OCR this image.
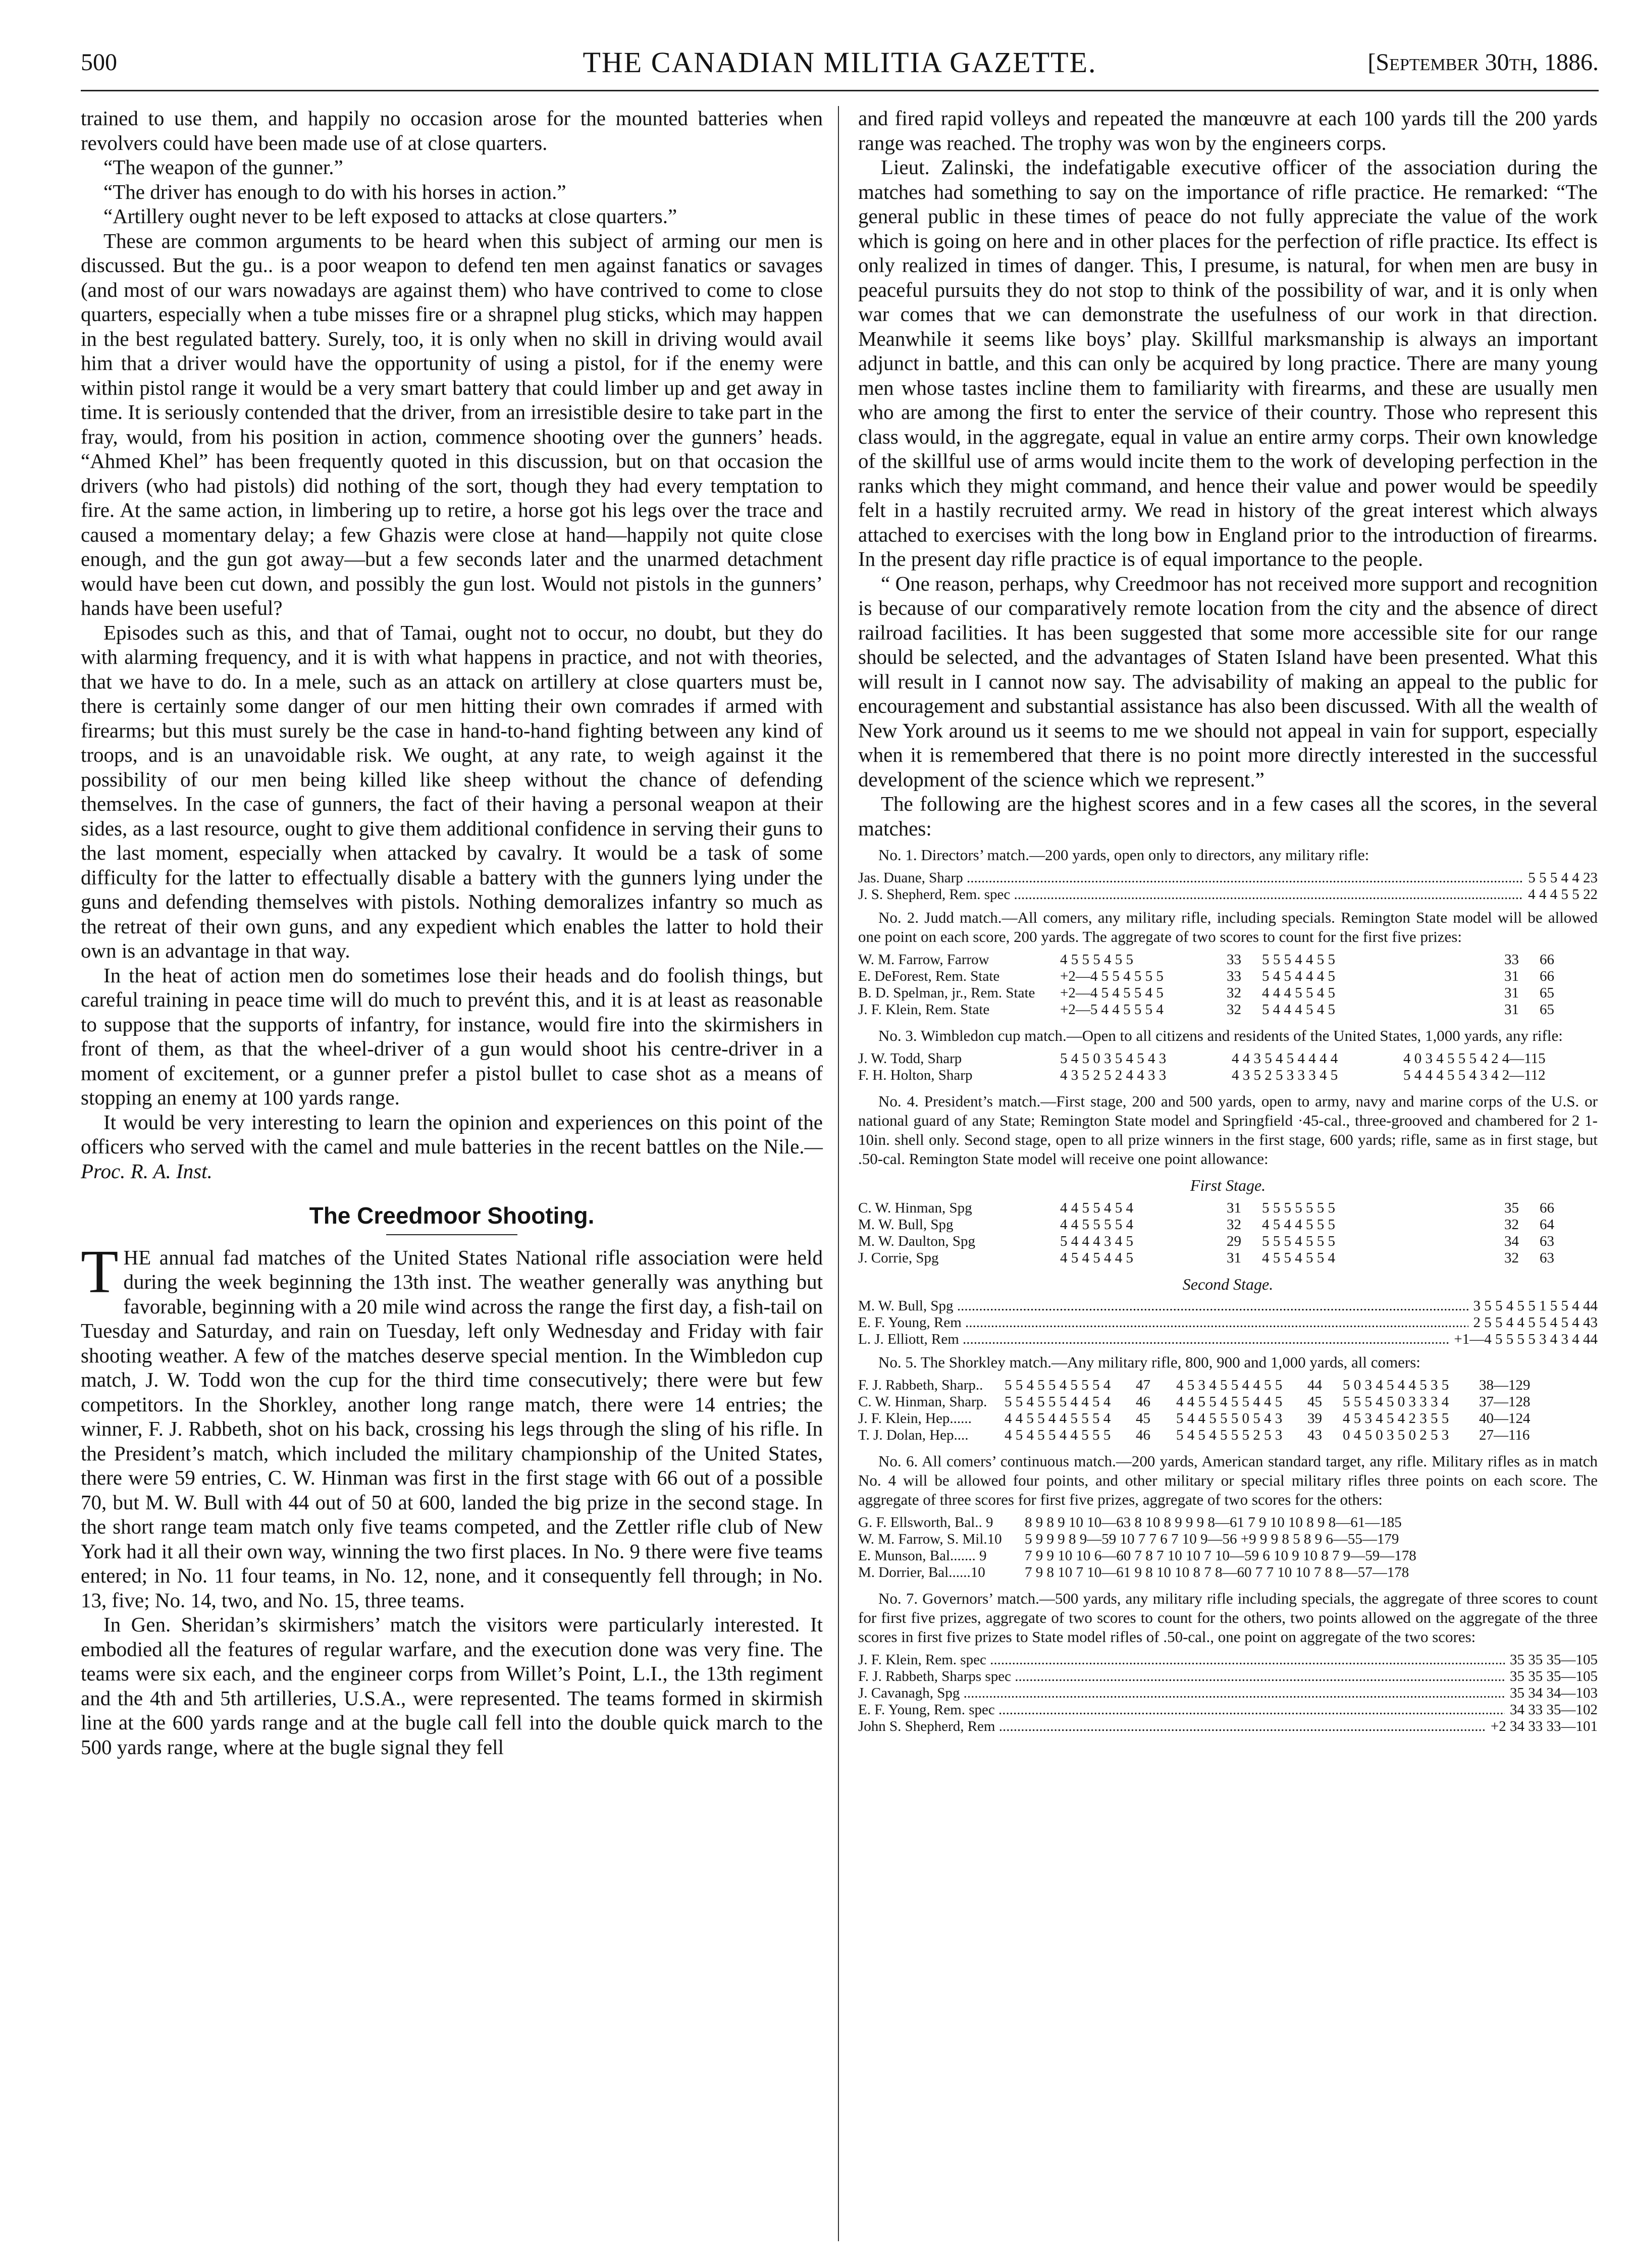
500	THE CANADIAN MILITIA GAZETTE.	[September 30th, 1886.

trained to use them, and happily no occasion arose for the mounted batteries when revolvers could have been made use of at close quarters.

“The weapon of the gunner.”

“The driver has enough to do with his horses in action.”

“Artillery ought never to be left exposed to attacks at close quarters.”

These are common arguments to be heard when this subject of arming our men is discussed. But the gu.. is a poor weapon to defend ten men against fanatics or savages (and most of our wars nowadays are against them) who have contrived to come to close quarters, especially when a tube misses fire or a shrapnel plug sticks, which may happen in the best regulated battery. Surely, too, it is only when no skill in driving would avail him that a driver would have the opportunity of using a pistol, for if the enemy were within pistol range it would be a very smart battery that could limber up and get away in time. It is seriously contended that the driver, from an irresistible desire to take part in the fray, would, from his position in action, commence shooting over the gunners’ heads. “Ahmed Khel” has been frequently quoted in this discussion, but on that occasion the drivers (who had pistols) did nothing of the sort, though they had every temptation to fire. At the same action, in limbering up to retire, a horse got his legs over the trace and caused a momentary delay; a few Ghazis were close at hand—happily not quite close enough, and the gun got away—but a few seconds later and the unarmed detachment would have been cut down, and possibly the gun lost. Would not pistols in the gunners’ hands have been useful?

Episodes such as this, and that of Tamai, ought not to occur, no doubt, but they do with alarming frequency, and it is with what happens in practice, and not with theories, that we have to do. In a mele, such as an attack on artillery at close quarters must be, there is certainly some danger of our men hitting their own comrades if armed with firearms; but this must surely be the case in hand-to-hand fighting between any kind of troops, and is an unavoidable risk. We ought, at any rate, to weigh against it the possibility of our men being killed like sheep without the chance of defending themselves. In the case of gunners, the fact of their having a personal weapon at their sides, as a last resource, ought to give them additional confidence in serving their guns to the last moment, especially when attacked by cavalry. It would be a task of some difficulty for the latter to effectually disable a battery with the gunners lying under the guns and defending themselves with pistols. Nothing demoralizes infantry so much as the retreat of their own guns, and any expedient which enables the latter to hold their own is an advantage in that way.

In the heat of action men do sometimes lose their heads and do foolish things, but careful training in peace time will do much to prevént this, and it is at least as reasonable to suppose that the supports of infantry, for instance, would fire into the skirmishers in front of them, as that the wheel-driver of a gun would shoot his centre-driver in a moment of excitement, or a gunner prefer a pistol bullet to case shot as a means of stopping an enemy at 100 yards range.

It would be very interesting to learn the opinion and experiences on this point of the officers who served with the camel and mule batteries in the recent battles on the Nile.—Proc. R. A. Inst.

The Creedmoor Shooting.

THE annual fad matches of the United States National rifle association were held during the week beginning the 13th inst. The weather generally was anything but favorable, beginning with a 20 mile wind across the range the first day, a fish-tail on Tuesday and Saturday, and rain on Tuesday, left only Wednesday and Friday with fair shooting weather. A few of the matches deserve special mention. In the Wimbledon cup match, J. W. Todd won the cup for the third time consecutively; there were but few competitors. In the Shorkley, another long range match, there were 14 entries; the winner, F. J. Rabbeth, shot on his back, crossing his legs through the sling of his rifle. In the President’s match, which included the military championship of the United States, there were 59 entries, C. W. Hinman was first in the first stage with 66 out of a possible 70, but M. W. Bull with 44 out of 50 at 600, landed the big prize in the second stage. In the short range team match only five teams competed, and the Zettler rifle club of New York had it all their own way, winning the two first places. In No. 9 there were five teams entered; in No. 11 four teams, in No. 12, none, and it consequently fell through; in No. 13, five; No. 14, two, and No. 15, three teams.

In Gen. Sheridan’s skirmishers’ match the visitors were particularly interested. It embodied all the features of regular warfare, and the execution done was very fine. The teams were six each, and the engineer corps from Willet’s Point, L.I., the 13th regiment and the 4th and 5th artilleries, U.S.A., were represented. The teams formed in skirmish line at the 600 yards range and at the bugle call fell into the double quick march to the 500 yards range, where at the bugle signal they fell

and fired rapid volleys and repeated the manœuvre at each 100 yards till the 200 yards range was reached. The trophy was won by the engineers corps.

Lieut. Zalinski, the indefatigable executive officer of the association during the matches had something to say on the importance of rifle practice. He remarked: “The general public in these times of peace do not fully appreciate the value of the work which is going on here and in other places for the perfection of rifle practice. Its effect is only realized in times of danger. This, I presume, is natural, for when men are busy in peaceful pursuits they do not stop to think of the possibility of war, and it is only when war comes that we can demonstrate the usefulness of our work in that direction. Meanwhile it seems like boys’ play. Skillful marksmanship is always an important adjunct in battle, and this can only be acquired by long practice. There are many young men whose tastes incline them to familiarity with firearms, and these are usually men who are among the first to enter the service of their country. Those who represent this class would, in the aggregate, equal in value an entire army corps. Their own knowledge of the skillful use of arms would incite them to the work of developing perfection in the ranks which they might command, and hence their value and power would be speedily felt in a hastily recruited army. We read in history of the great interest which always attached to exercises with the long bow in England prior to the introduction of firearms. In the present day rifle practice is of equal importance to the people.

“ One reason, perhaps, why Creedmoor has not received more support and recognition is because of our comparatively remote location from the city and the absence of direct railroad facilities. It has been suggested that some more accessible site for our range should be selected, and the advantages of Staten Island have been presented. What this will result in I cannot now say. The advisability of making an appeal to the public for encouragement and substantial assistance has also been discussed. With all the wealth of New York around us it seems to me we should not appeal in vain for support, especially when it is remembered that there is no point more directly interested in the successful development of the science which we represent.”

The following are the highest scores and in a few cases all the scores, in the several matches:

No. 1. Directors’ match.—200 yards, open only to directors, any military rifle:

Jas. Duane, Sharp .....	5 5 5 4 4 23
J. S. Shepherd, Rem. spec .....	4 4 4 5 5 22

No. 2. Judd match.—All comers, any military rifle, including specials. Remington State model will be allowed one point on each score, 200 yards. The aggregate of two scores to count for the first five prizes:

W. M. Farrow, Farrow	4 5 5 5 4 5 5	33	5 5 5 4 4 5 5	33	66
E. DeForest, Rem. State	+2—4 5 5 4 5 5 5	33	5 4 5 4 4 4 5	31	66
B. D. Spelman, jr., Rem. State	+2—4 5 4 5 5 4 5	32	4 4 4 5 5 4 5	31	65
J. F. Klein, Rem. State	+2—5 4 4 5 5 5 4	32	5 4 4 4 5 4 5	31	65

No. 3. Wimbledon cup match.—Open to all citizens and residents of the United States, 1,000 yards, any rifle:

J. W. Todd, Sharp	5 4 5 0 3 5 4 5 4 3	4 4 3 5 4 5 4 4 4 4	4 0 3 4 5 5 5 4 2 4—115
F. H. Holton, Sharp	4 3 5 2 5 2 4 4 3 3	4 3 5 2 5 3 3 3 4 5	5 4 4 4 5 5 4 3 4 2—112

No. 4. President’s match.—First stage, 200 and 500 yards, open to army, navy and marine corps of the U.S. or national guard of any State; Remington State model and Springfield ·45-cal., three-grooved and chambered for 2 1-10in. shell only. Second stage, open to all prize winners in the first stage, 600 yards; rifle, same as in first stage, but .50-cal. Remington State model will receive one point allowance:

First Stage.
C. W. Hinman, Spg	4 4 5 5 4 5 4	31	5 5 5 5 5 5 5	35	66
M. W. Bull, Spg	4 4 5 5 5 5 4	32	4 5 4 4 5 5 5	32	64
M. W. Daulton, Spg	5 4 4 4 3 4 5	29	5 5 5 4 5 5 5	34	63
J. Corrie, Spg	4 5 4 5 4 4 5	31	4 5 5 4 5 5 4	32	63
Second Stage.
M. W. Bull, Spg .....	3 5 5 4 5 5 1 5 5 4 44
E. F. Young, Rem .....	2 5 5 4 4 5 5 4 5 4 43
L. J. Elliott, Rem .....	+1—4 5 5 5 5 3 4 3 4 44

No. 5. The Shorkley match.—Any military rifle, 800, 900 and 1,000 yards, all comers:

F. J. Rabbeth, Sharp..	5 5 4 5 5 4 5 5 5 4	47	4 5 3 4 5 5 4 4 5 5	44	5 0 3 4 5 4 4 5 3 5	38—129
C. W. Hinman, Sharp.	5 5 4 5 5 5 4 4 5 4	46	4 4 5 5 4 5 5 4 4 5	45	5 5 5 4 5 0 3 3 3 4	37—128
J. F. Klein, Hep......	4 4 5 5 4 4 5 5 5 4	45	5 4 4 5 5 5 0 5 4 3	39	4 5 3 4 5 4 2 3 5 5	40—124
T. J. Dolan, Hep....	4 5 4 5 5 4 4 5 5 5	46	5 4 5 4 5 5 5 2 5 3	43	0 4 5 0 3 5 0 2 5 3	27—116

No. 6. All comers’ continuous match.—200 yards, American standard target, any rifle. Military rifles as in match No. 4 will be allowed four points, and other military or special military rifles three points on each score. The aggregate of three scores for first five prizes, aggregate of two scores for the others:

G. F. Ellsworth, Bal.. 9	8 9 8 9 10 10—63 8 10 8 9 9 9 8—61 7 9 10 10 8 9 8—61—185
W. M. Farrow, S. Mil.10	5 9 9 9 8 9—59 10 7 7 6 7 10 9—56 +9 9 9 8 5 8 9 6—55—179
E. Munson, Bal....... 9	7 9 9 10 10 6—60 7 8 7 10 10 7 10—59 6 10 9 10 8 7 9—59—178
M. Dorrier, Bal......10	7 9 8 10 7 10—61 9 8 10 10 8 7 8—60 7 7 10 10 7 8 8—57—178

No. 7. Governors’ match.—500 yards, any military rifle including specials, the aggregate of three scores to count for first five prizes, aggregate of two scores to count for the others, two points allowed on the aggregate of the three scores in first five prizes to State model rifles of .50-cal., one point on aggregate of the two scores:

J. F. Klein, Rem. spec .....	35 35 35—105
F. J. Rabbeth, Sharps spec .....	35 35 35—105
J. Cavanagh, Spg .....	35 34 34—103
E. F. Young, Rem. spec .....	34 33 35—102
John S. Shepherd, Rem .....	+2 34 33 33—101
